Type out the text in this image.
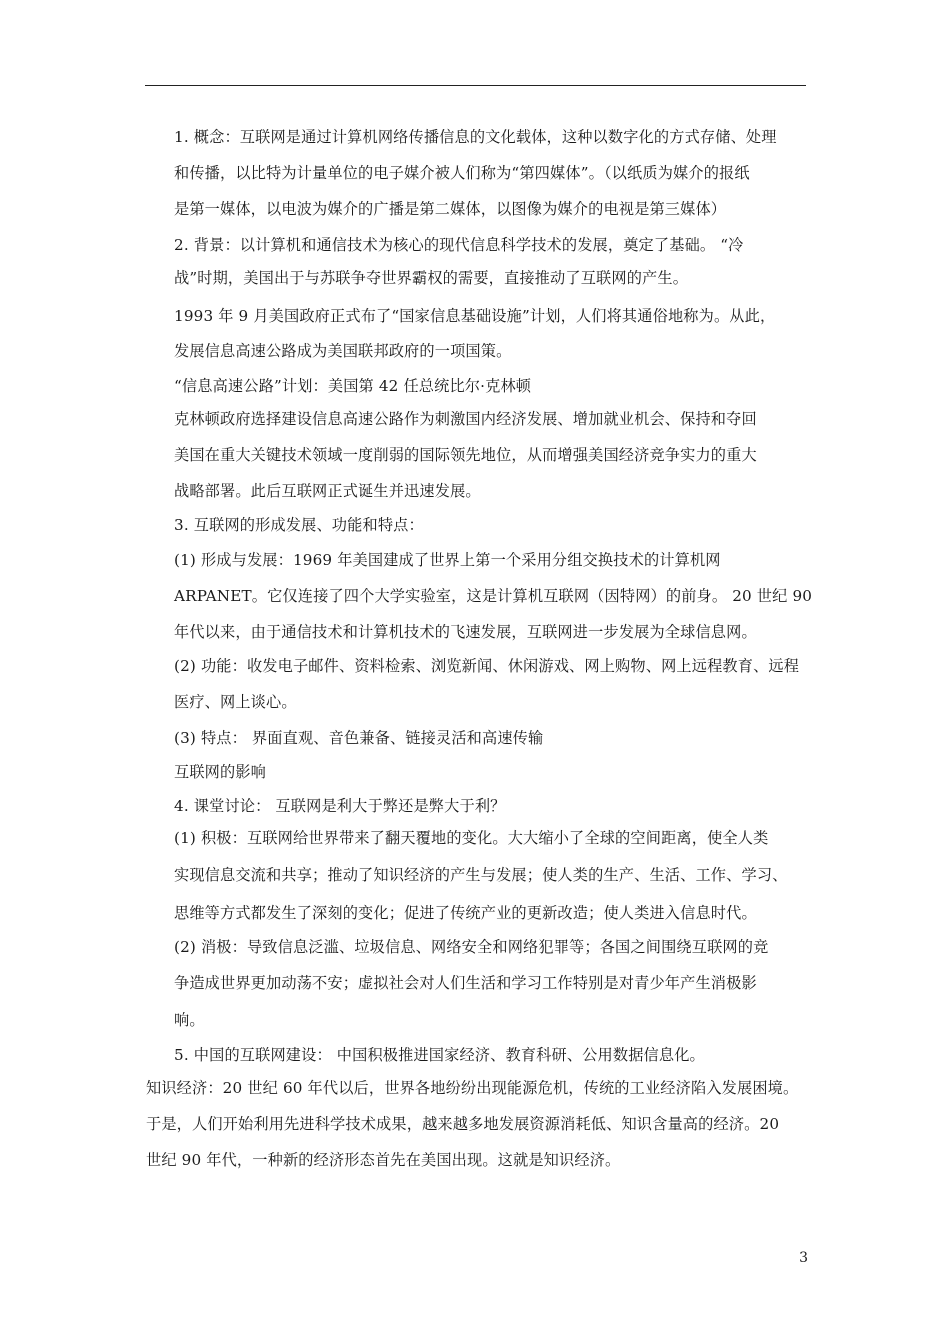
1. 概念：互联网是通过计算机网络传播信息的文化载体，这种以数字化的方式存储、处理
和传播，以比特为计量单位的电子媒介被人们称为“第四媒体”。（以纸质为媒介的报纸
是第一媒体，以电波为媒介的广播是第二媒体，以图像为媒介的电视是第三媒体）
2. 背景：以计算机和通信技术为核心的现代信息科学技术的发展，奠定了基础。 “冷
战”时期，美国出于与苏联争夺世界霸权的需要，直接推动了互联网的产生。
1993 年 9 月美国政府正式布了“国家信息基础设施”计划，人们将其通俗地称为。从此，
发展信息高速公路成为美国联邦政府的一项国策。
“信息高速公路”计划：美国第 42 任总统比尔·克林顿
克林顿政府选择建设信息高速公路作为刺激国内经济发展、增加就业机会、保持和夺回
美国在重大关键技术领域一度削弱的国际领先地位，从而增强美国经济竞争实力的重大
战略部署。此后互联网正式诞生并迅速发展。
3. 互联网的形成发展、功能和特点：
(1) 形成与发展：1969 年美国建成了世界上第一个采用分组交换技术的计算机网
ARPANET。它仅连接了四个大学实验室，这是计算机互联网（因特网）的前身。 20 世纪 90
年代以来，由于通信技术和计算机技术的飞速发展，互联网进一步发展为全球信息网。
(2) 功能：收发电子邮件、资料检索、浏览新闻、休闲游戏、网上购物、网上远程教育、远程
医疗、网上谈心。
(3) 特点： 界面直观、音色兼备、链接灵活和高速传输
互联网的影响
4. 课堂讨论： 互联网是利大于弊还是弊大于利？
(1) 积极：互联网给世界带来了翻天覆地的变化。大大缩小了全球的空间距离，使全人类
实现信息交流和共享；推动了知识经济的产生与发展；使人类的生产、生活、工作、学习、
思维等方式都发生了深刻的变化；促进了传统产业的更新改造；使人类进入信息时代。
(2) 消极：导致信息泛滥、垃圾信息、网络安全和网络犯罪等；各国之间围绕互联网的竞
争造成世界更加动荡不安；虚拟社会对人们生活和学习工作特别是对青少年产生消极影
响。
5. 中国的互联网建设： 中国积极推进国家经济、教育科研、公用数据信息化。
知识经济：20 世纪 60 年代以后，世界各地纷纷出现能源危机，传统的工业经济陷入发展困境。
于是，人们开始利用先进科学技术成果，越来越多地发展资源消耗低、知识含量高的经济。20
世纪 90 年代，一种新的经济形态首先在美国出现。这就是知识经济。
3
